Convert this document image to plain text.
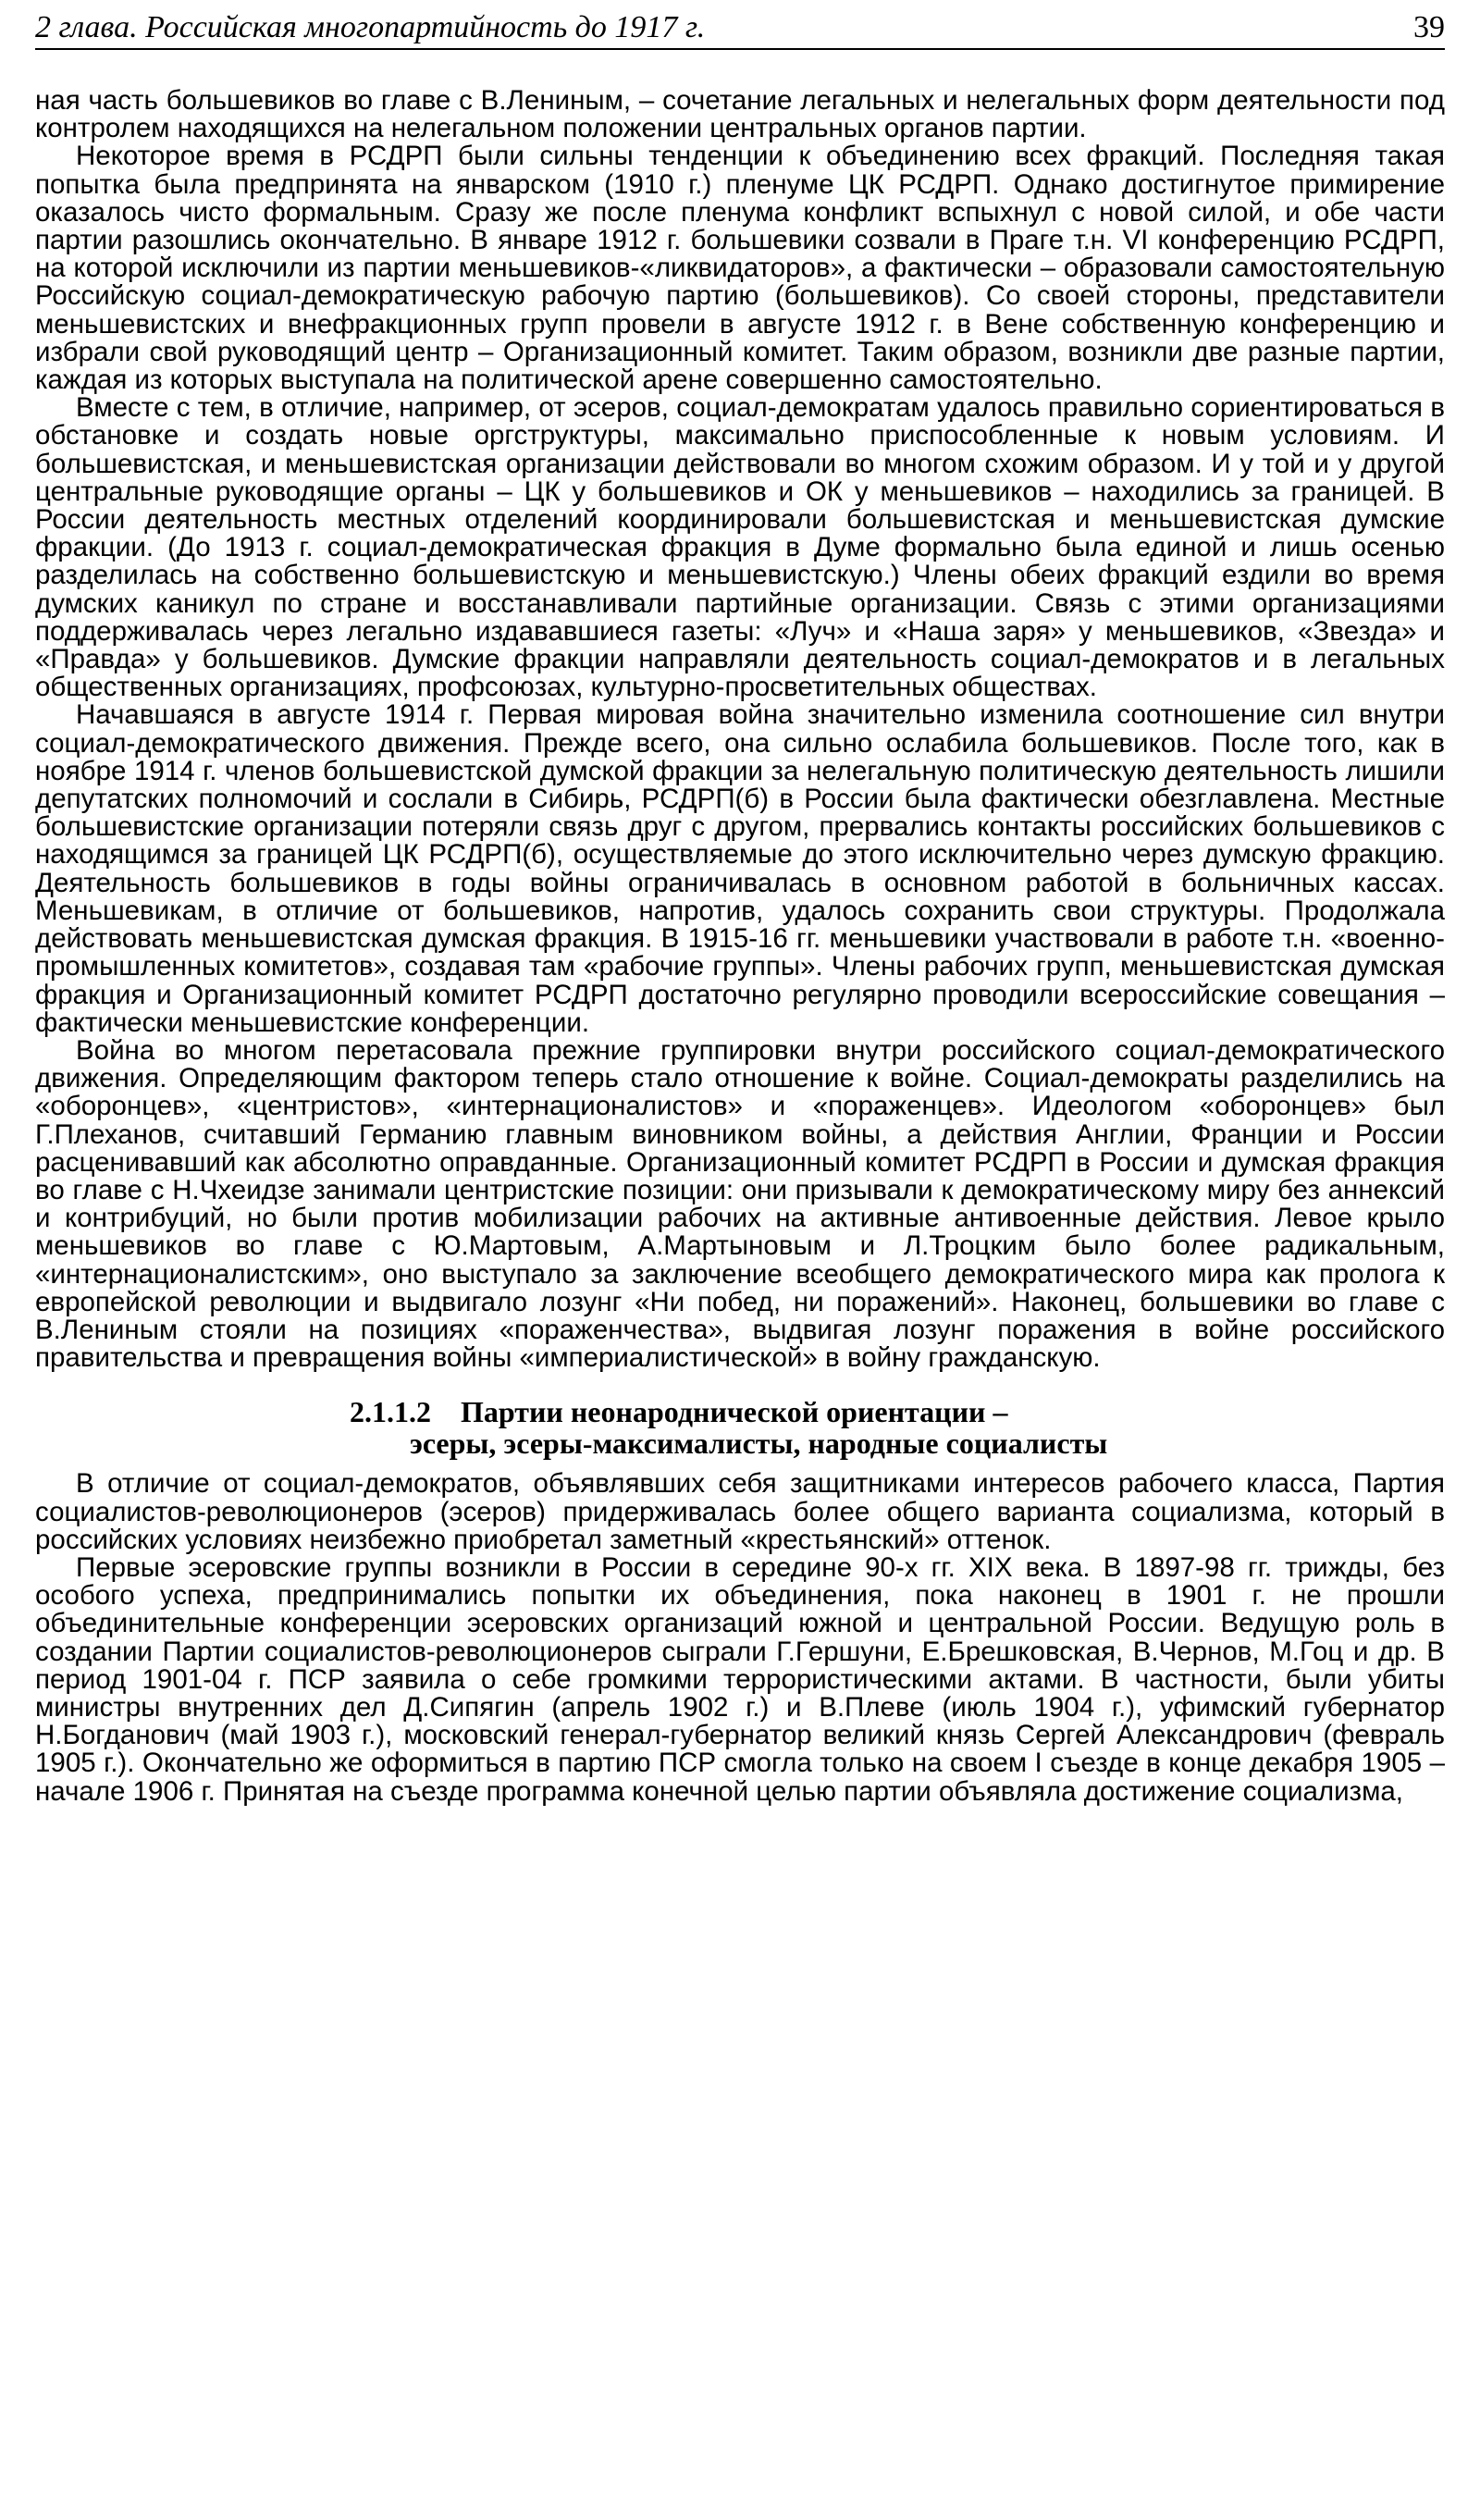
2 глава. Российская многопартийность до 1917 г.	39

ная часть большевиков во главе с В.Лениным, – сочетание легальных и нелегальных форм деятельности под контролем находящихся на нелегальном положении центральных органов партии.

Некоторое время в РСДРП были сильны тенденции к объединению всех фракций. Последняя такая попытка была предпринята на январском (1910 г.) пленуме ЦК РСДРП. Однако достигнутое примирение оказалось чисто формальным. Сразу же после пленума конфликт вспыхнул с новой силой, и обе части партии разошлись окончательно. В январе 1912 г. большевики созвали в Праге т.н. VI конференцию РСДРП, на которой исключили из партии меньшевиков-«ликвидаторов», а фактически – образовали самостоятельную Российскую социал-демократическую рабочую партию (большевиков). Со своей стороны, представители меньшевистских и внефракционных групп провели в августе 1912 г. в Вене собственную конференцию и избрали свой руководящий центр – Организационный комитет. Таким образом, возникли две разные партии, каждая из которых выступала на политической арене совершенно самостоятельно.

Вместе с тем, в отличие, например, от эсеров, социал-демократам удалось правильно сориентироваться в обстановке и создать новые оргструктуры, максимально приспособленные к новым условиям. И большевистская, и меньшевистская организации действовали во многом схожим образом. И у той и у другой центральные руководящие органы – ЦК у большевиков и ОК у меньшевиков – находились за границей. В России деятельность местных отделений координировали большевистская и меньшевистская думские фракции. (До 1913 г. социал-демократическая фракция в Думе формально была единой и лишь осенью разделилась на собственно большевистскую и меньшевистскую.) Члены обеих фракций ездили во время думских каникул по стране и восстанавливали партийные организации. Связь с этими организациями поддерживалась через легально издававшиеся газеты: «Луч» и «Наша заря» у меньшевиков, «Звезда» и «Правда» у большевиков. Думские фракции направляли деятельность социал-демократов и в легальных общественных организациях, профсоюзах, культурно-просветительных обществах.

Начавшаяся в августе 1914 г. Первая мировая война значительно изменила соотношение сил внутри социал-демократического движения. Прежде всего, она сильно ослабила большевиков. После того, как в ноябре 1914 г. членов большевистской думской фракции за нелегальную политическую деятельность лишили депутатских полномочий и сослали в Сибирь, РСДРП(б) в России была фактически обезглавлена. Местные большевистские организации потеряли связь друг с другом, прервались контакты российских большевиков с находящимся за границей ЦК РСДРП(б), осуществляемые до этого исключительно через думскую фракцию. Деятельность большевиков в годы войны ограничивалась в основном работой в больничных кассах. Меньшевикам, в отличие от большевиков, напротив, удалось сохранить свои структуры. Продолжала действовать меньшевистская думская фракция. В 1915-16 гг. меньшевики участвовали в работе т.н. «военно-промышленных комитетов», создавая там «рабочие группы». Члены рабочих групп, меньшевистская думская фракция и Организационный комитет РСДРП достаточно регулярно проводили всероссийские совещания – фактически меньшевистские конференции.

Война во многом перетасовала прежние группировки внутри российского социал-демократического движения. Определяющим фактором теперь стало отношение к войне. Социал-демократы разделились на «оборонцев», «центристов», «интернационалистов» и «пораженцев». Идеологом «оборонцев» был Г.Плеханов, считавший Германию главным виновником войны, а действия Англии, Франции и России расценивавший как абсолютно оправданные. Организационный комитет РСДРП в России и думская фракция во главе с Н.Чхеидзе занимали центристские позиции: они призывали к демократическому миру без аннексий и контрибуций, но были против мобилизации рабочих на активные антивоенные действия. Левое крыло меньшевиков во главе с Ю.Мартовым, А.Мартыновым и Л.Троцким было более радикальным, «интернационалистским», оно выступало за заключение всеобщего демократического мира как пролога к европейской революции и выдвигало лозунг «Ни побед, ни поражений». Наконец, большевики во главе с В.Лениным стояли на позициях «пораженчества», выдвигая лозунг поражения в войне российского правительства и превращения войны «империалистической» в войну гражданскую.

2.1.1.2 Партии неонароднической ориентации –
эсеры, эсеры-максималисты, народные социалисты

В отличие от социал-демократов, объявлявших себя защитниками интересов рабочего класса, Партия социалистов-революционеров (эсеров) придерживалась более общего варианта социализма, который в российских условиях неизбежно приобретал заметный «крестьянский» оттенок.

Первые эсеровские группы возникли в России в середине 90-х гг. XIX века. В 1897-98 гг. трижды, без особого успеха, предпринимались попытки их объединения, пока наконец в 1901 г. не прошли объединительные конференции эсеровских организаций южной и центральной России. Ведущую роль в создании Партии социалистов-революционеров сыграли Г.Гершуни, Е.Брешковская, В.Чернов, М.Гоц и др. В период 1901-04 г. ПСР заявила о себе громкими террористическими актами. В частности, были убиты министры внутренних дел Д.Сипягин (апрель 1902 г.) и В.Плеве (июль 1904 г.), уфимский губернатор Н.Богданович (май 1903 г.), московский генерал-губернатор великий князь Сергей Александрович (февраль 1905 г.). Окончательно же оформиться в партию ПСР смогла только на своем I съезде в конце декабря 1905 – начале 1906 г. Принятая на съезде программа конечной целью партии объявляла достижение социализма,
